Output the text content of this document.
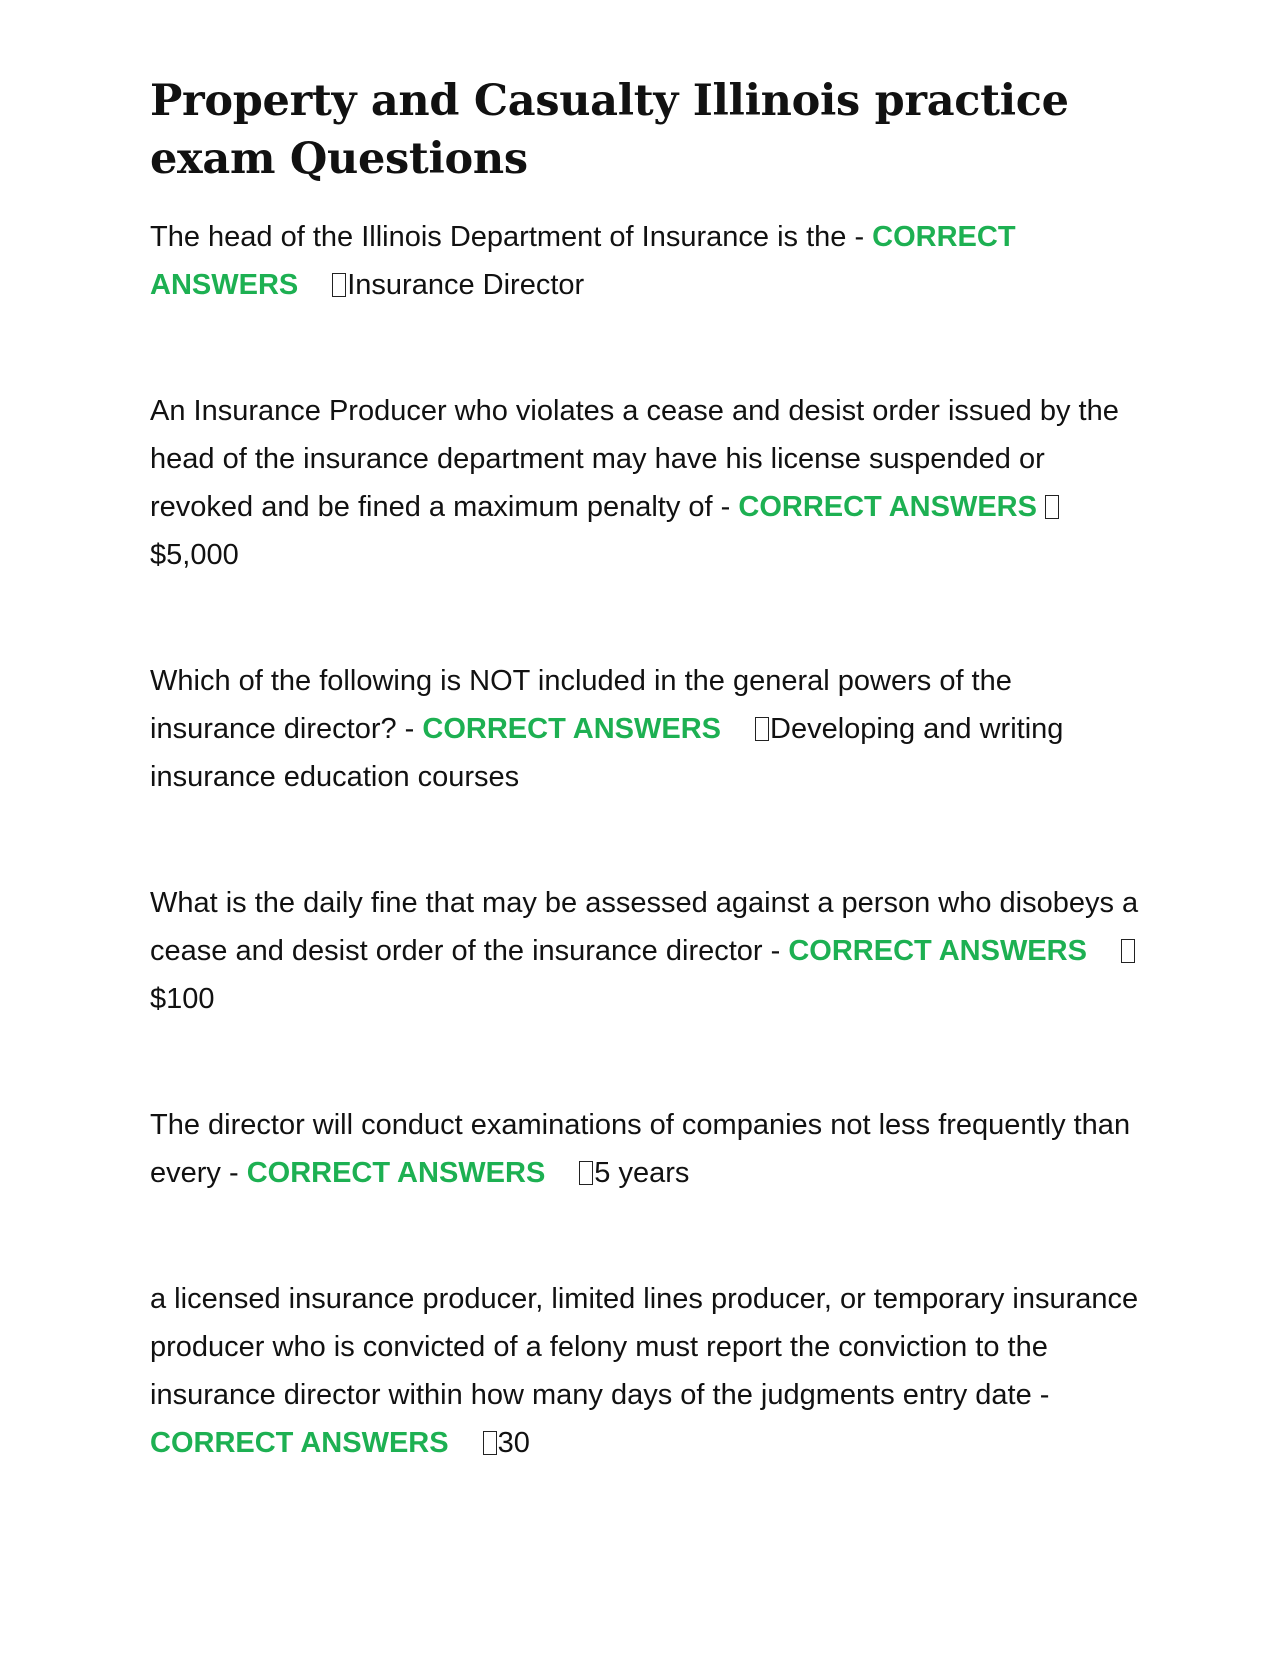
Property and Casualty Illinois practice exam Questions
The head of the Illinois Department of Insurance is the - CORRECT ANSWERS Insurance Director
An Insurance Producer who violates a cease and desist order issued by the head of the insurance department may have his license suspended or revoked and be fined a maximum penalty of - CORRECT ANSWERS $5,000
Which of the following is NOT included in the general powers of the insurance director? - CORRECT ANSWERS Developing and writing insurance education courses
What is the daily fine that may be assessed against a person who disobeys a cease and desist order of the insurance director - CORRECT ANSWERS$100
The director will conduct examinations of companies not less frequently than every - CORRECT ANSWERS 5 years
a licensed insurance producer, limited lines producer, or temporary insurance producer who is convicted of a felony must report the conviction to the insurance director within how many days of the judgments entry date - CORRECT ANSWERS 30
